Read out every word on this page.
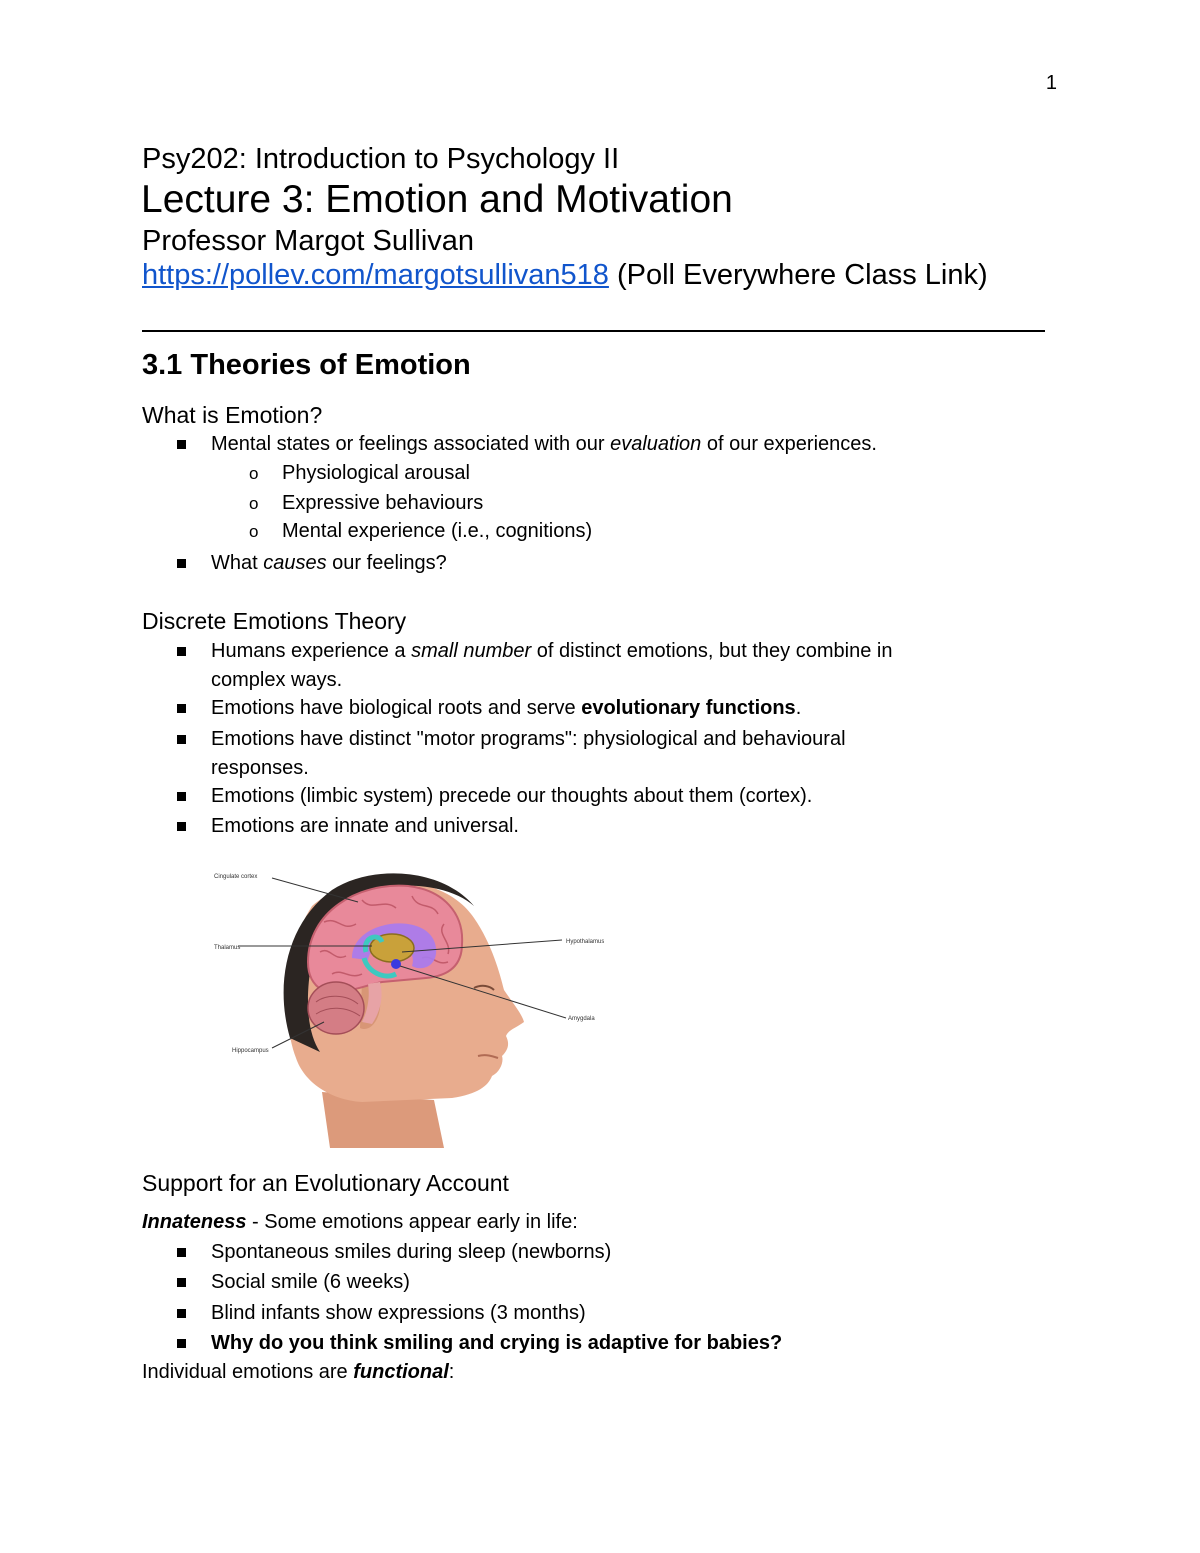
1
Psy202: Introduction to Psychology II
Lecture 3: Emotion and Motivation
Professor Margot Sullivan
https://pollev.com/margotsullivan518 (Poll Everywhere Class Link)
3.1 Theories of Emotion
What is Emotion?
Mental states or feelings associated with our evaluation of our experiences.
o Physiological arousal
o Expressive behaviours
o Mental experience (i.e., cognitions)
What causes our feelings?
Discrete Emotions Theory
Humans experience a small number of distinct emotions, but they combine in
complex ways.
Emotions have biological roots and serve evolutionary functions.
Emotions have distinct "motor programs": physiological and behavioural
responses.
Emotions (limbic system) precede our thoughts about them (cortex).
Emotions are innate and universal.
Cingulate cortex
Thalamus
Hypothalamus
Amygdala
Hippocampus
Support for an Evolutionary Account
Innateness - Some emotions appear early in life:
Spontaneous smiles during sleep (newborns)
Social smile (6 weeks)
Blind infants show expressions (3 months)
Why do you think smiling and crying is adaptive for babies?
Individual emotions are functional:
